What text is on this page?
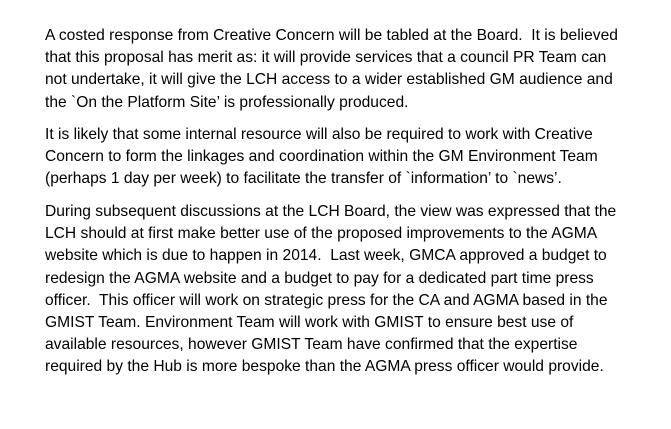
A costed response from Creative Concern will be tabled at the Board.  It is believed
that this proposal has merit as: it will provide services that a council PR Team can
not undertake, it will give the LCH access to a wider established GM audience and
the `On the Platform Site’ is professionally produced.

It is likely that some internal resource will also be required to work with Creative
Concern to form the linkages and coordination within the GM Environment Team
(perhaps 1 day per week) to facilitate the transfer of `information’ to `news’.

During subsequent discussions at the LCH Board, the view was expressed that the
LCH should at first make better use of the proposed improvements to the AGMA
website which is due to happen in 2014.  Last week, GMCA approved a budget to
redesign the AGMA website and a budget to pay for a dedicated part time press
officer.  This officer will work on strategic press for the CA and AGMA based in the
GMIST Team. Environment Team will work with GMIST to ensure best use of
available resources, however GMIST Team have confirmed that the expertise
required by the Hub is more bespoke than the AGMA press officer would provide.
